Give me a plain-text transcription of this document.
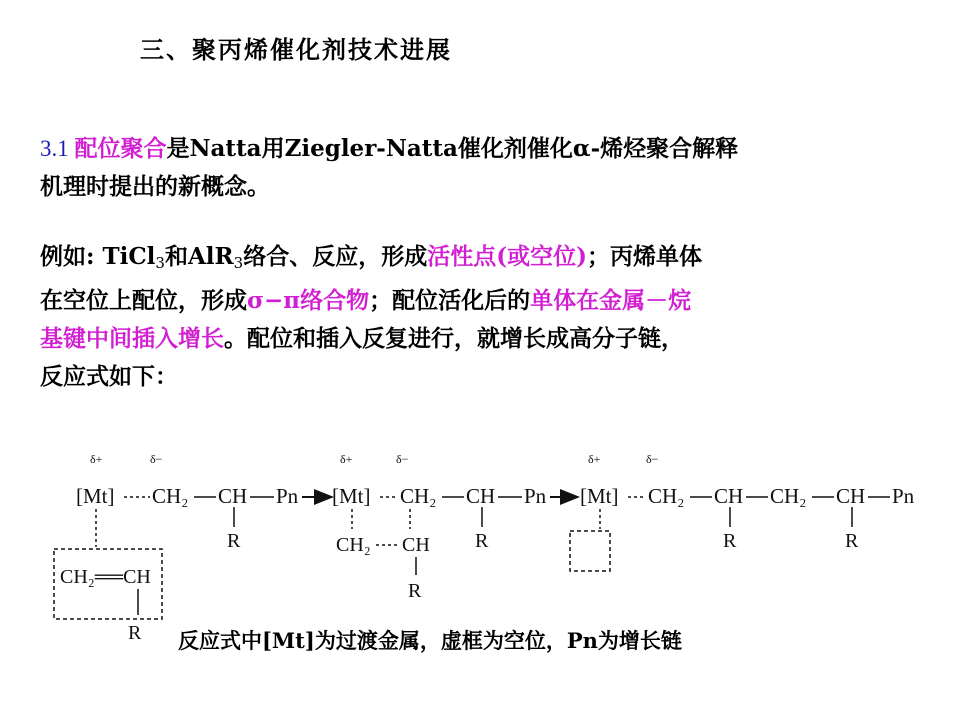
三、聚丙烯催化剂技术进展
3.1 配位聚合是Natta用Ziegler-Natta催化剂催化α-烯烃聚合解释
机理时提出的新概念。
例如: TiCl$_3$和AlR$_3$络合、反应，形成活性点(或空位)；丙烯单体
在空位上配位，形成σ−π络合物；配位活化后的单体在金属－烷
基键中间插入增长。配位和插入反复进行，就增长成高分子链，
反应式如下：
δ+	δ−
[Mt] CH₂ CH
R
Pn
CH₂══CH
R
δ+	δ−
[Mt] CH₂ CH
R
Pn
CH₂ CH
R
δ+	δ−
[Mt] CH₂ CH
R
CH₂ CH
R
Pn
反应式中[Mt]为过渡金属，虚框为空位，Pn为增长链
